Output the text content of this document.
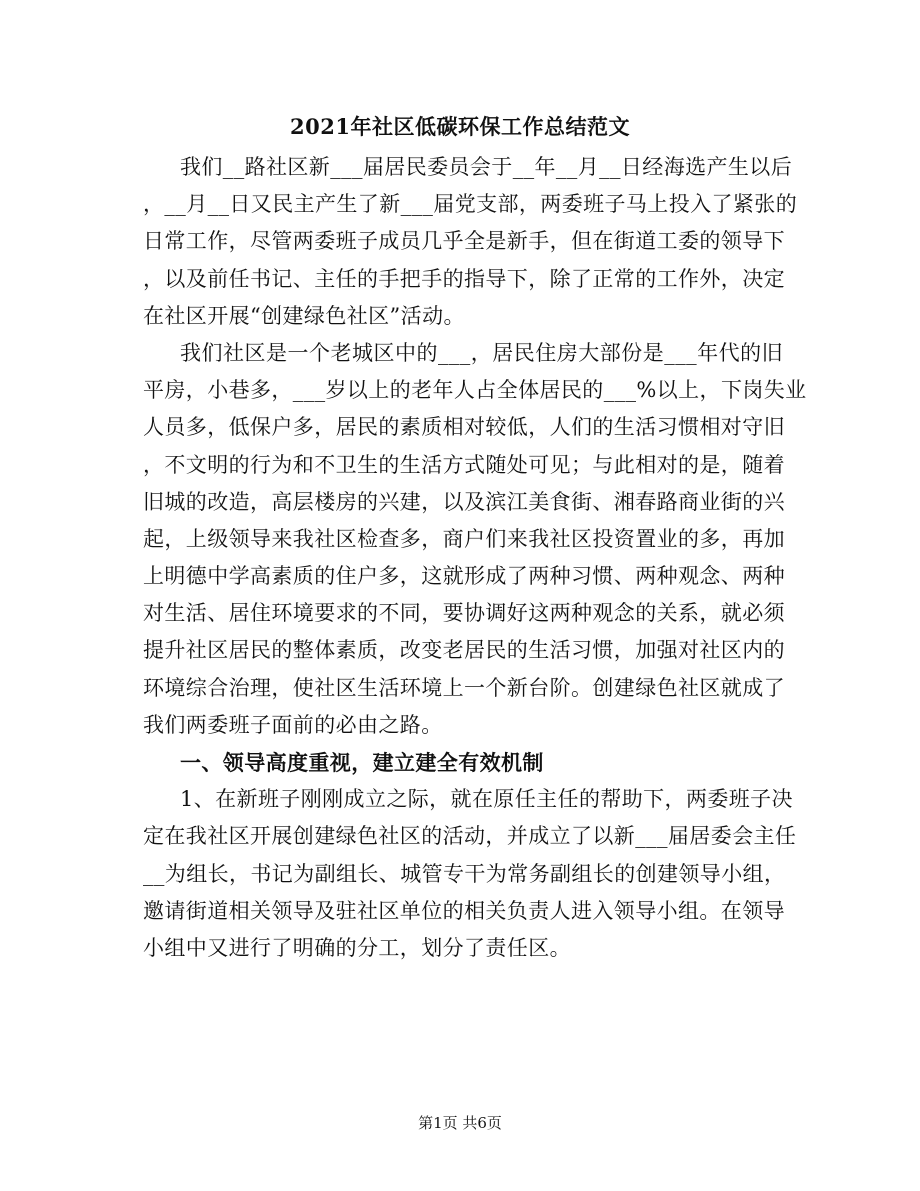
2021年社区低碳环保工作总结范文
我们__路社区新___届居民委员会于__年__月__日经海选产生以后
，__月__日又民主产生了新___届党支部，两委班子马上投入了紧张的
日常工作，尽管两委班子成员几乎全是新手，但在街道工委的领导下
，以及前任书记、主任的手把手的指导下，除了正常的工作外，决定
在社区开展“创建绿色社区”活动。
我们社区是一个老城区中的___，居民住房大部份是___年代的旧
平房，小巷多，___岁以上的老年人占全体居民的___%以上，下岗失业
人员多，低保户多，居民的素质相对较低，人们的生活习惯相对守旧
，不文明的行为和不卫生的生活方式随处可见；与此相对的是，随着
旧城的改造，高层楼房的兴建，以及滨江美食街、湘春路商业街的兴
起，上级领导来我社区检查多，商户们来我社区投资置业的多，再加
上明德中学高素质的住户多，这就形成了两种习惯、两种观念、两种
对生活、居住环境要求的不同，要协调好这两种观念的关系，就必须
提升社区居民的整体素质，改变老居民的生活习惯，加强对社区内的
环境综合治理，使社区生活环境上一个新台阶。创建绿色社区就成了
我们两委班子面前的必由之路。
一、领导高度重视，建立建全有效机制
1、在新班子刚刚成立之际，就在原任主任的帮助下，两委班子决
定在我社区开展创建绿色社区的活动，并成立了以新___届居委会主任
__为组长，书记为副组长、城管专干为常务副组长的创建领导小组，
邀请街道相关领导及驻社区单位的相关负责人进入领导小组。在领导
小组中又进行了明确的分工，划分了责任区。
第1页 共6页
